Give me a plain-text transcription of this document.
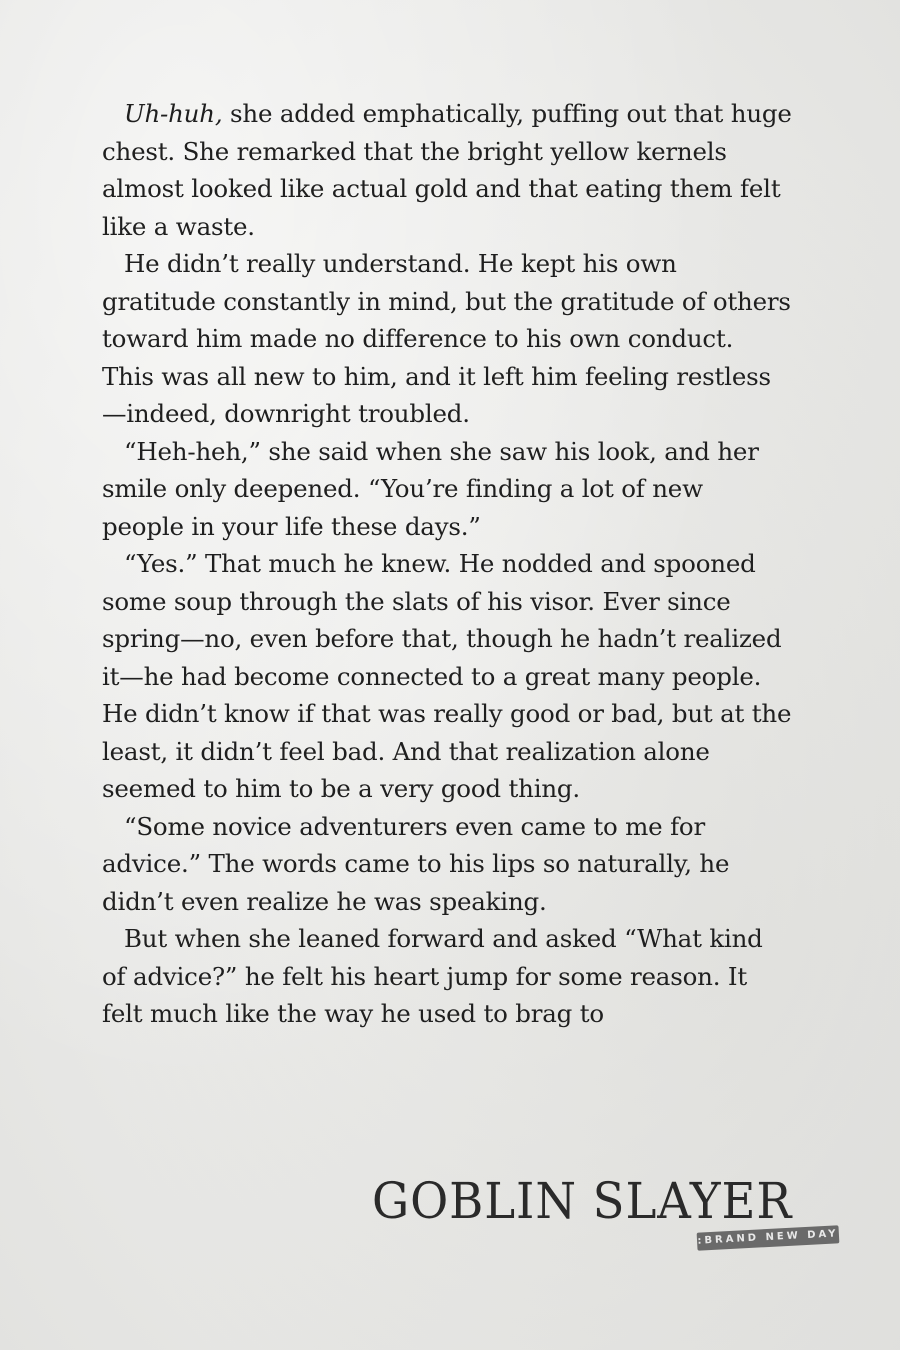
Uh-huh, she added emphatically, puffing out that huge chest. She remarked that the bright yellow kernels almost looked like actual gold and that eating them felt like a waste.

He didn’t really understand. He kept his own gratitude constantly in mind, but the gratitude of others toward him made no difference to his own conduct. This was all new to him, and it left him feeling restless—indeed, downright troubled.

“Heh-heh,” she said when she saw his look, and her smile only deepened. “You’re finding a lot of new people in your life these days.”

“Yes.” That much he knew. He nodded and spooned some soup through the slats of his visor. Ever since spring—no, even before that, though he hadn’t realized it—he had become connected to a great many people. He didn’t know if that was really good or bad, but at the least, it didn’t feel bad. And that realization alone seemed to him to be a very good thing.

“Some novice adventurers even came to me for advice.” The words came to his lips so naturally, he didn’t even realize he was speaking.

But when she leaned forward and asked “What kind of advice?” he felt his heart jump for some reason. It felt much like the way he used to brag to

GOBLIN SLAYER
:BRAND NEW DAY
